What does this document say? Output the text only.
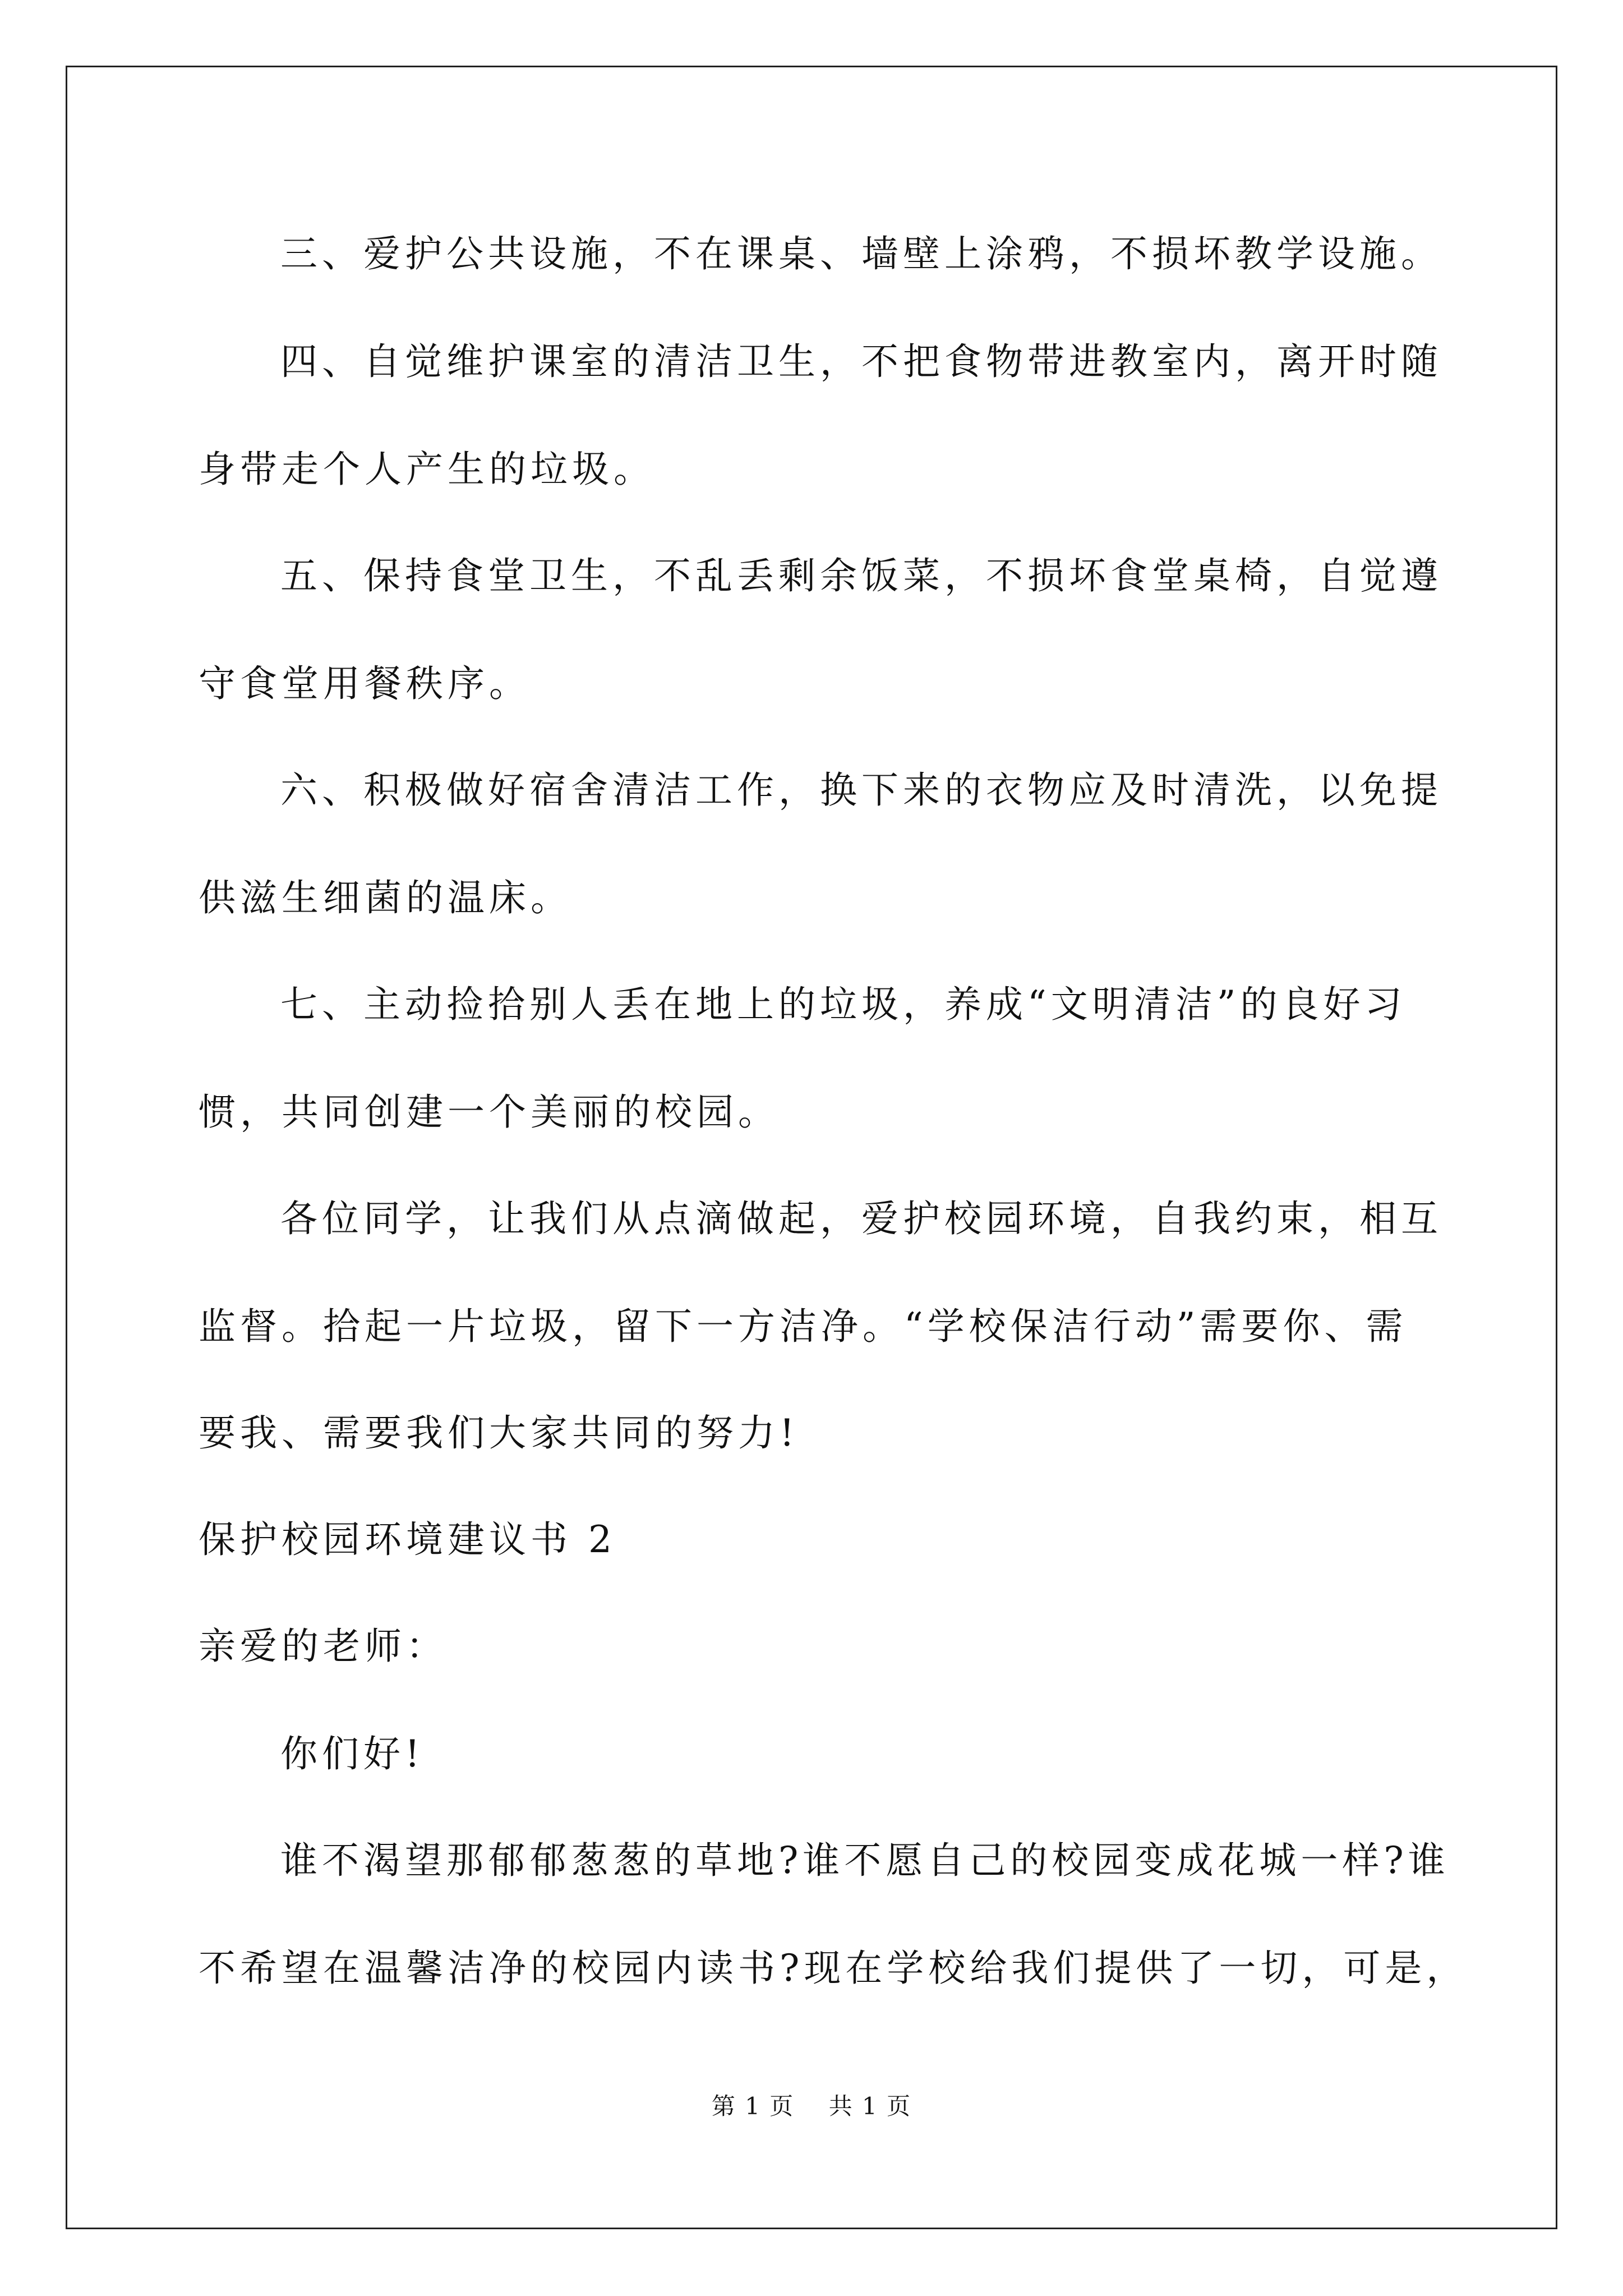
三、爱护公共设施，不在课桌、墙壁上涂鸦，不损坏教学设施。
四、自觉维护课室的清洁卫生，不把食物带进教室内，离开时随
身带走个人产生的垃圾。
五、保持食堂卫生，不乱丢剩余饭菜，不损坏食堂桌椅，自觉遵
守食堂用餐秩序。
六、积极做好宿舍清洁工作，换下来的衣物应及时清洗，以免提
供滋生细菌的温床。
七、主动捡拾别人丢在地上的垃圾，养成“文明清洁”的良好习
惯，共同创建一个美丽的校园。
各位同学，让我们从点滴做起，爱护校园环境，自我约束，相互
监督。拾起一片垃圾，留下一方洁净。“学校保洁行动”需要你、需
要我、需要我们大家共同的努力!
保护校园环境建议书 2
亲爱的老师：
你们好!
谁不渴望那郁郁葱葱的草地?谁不愿自己的校园变成花城一样?谁
不希望在温馨洁净的校园内读书?现在学校给我们提供了一切，可是，
第 1 页    共 1 页
